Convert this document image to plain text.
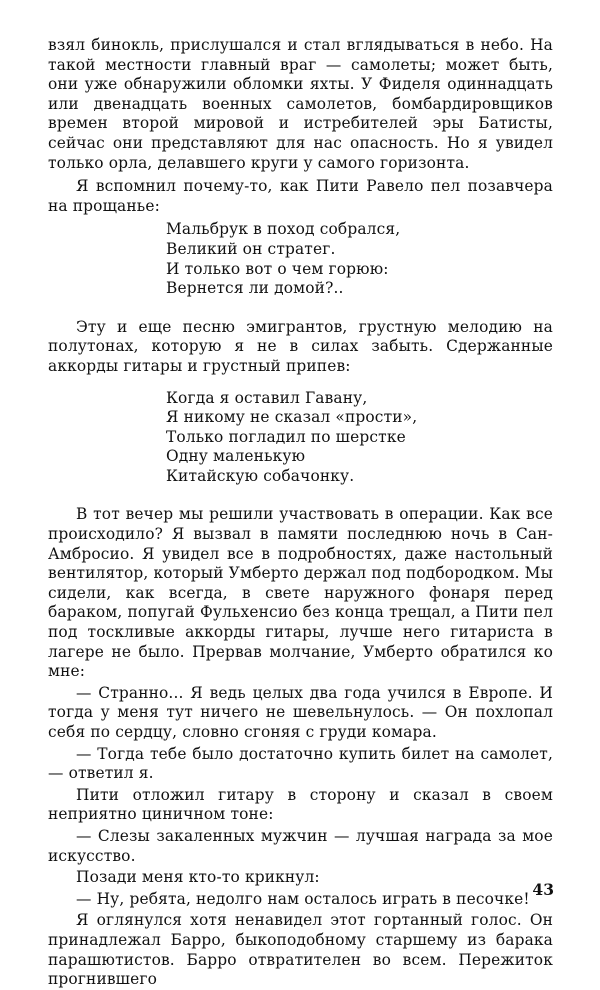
взял бинокль, прислушался и стал вглядываться в небо. На такой местности главный враг — самолеты; может быть, они уже обнаружили обломки яхты. У Фиделя одиннадцать или двенадцать военных самолетов, бомбардировщиков времен второй мировой и истребителей эры Батисты, сейчас они представляют для нас опасность. Но я увидел только орла, делавшего круги у самого горизонта.

Я вспомнил почему-то, как Пити Равело пел позавчера на прощанье:

Мальбрук в поход собрался,
Великий он стратег.
И только вот о чем горюю:
Вернется ли домой?..

Эту и еще песню эмигрантов, грустную мелодию на полутонах, которую я не в силах забыть. Сдержанные аккорды гитары и грустный припев:

Когда я оставил Гавану,
Я никому не сказал «прости»,
Только погладил по шерстке
Одну маленькую
Китайскую собачонку.

В тот вечер мы решили участвовать в операции. Как все происходило? Я вызвал в памяти последнюю ночь в Сан-Амбросио. Я увидел все в подробностях, даже настольный вентилятор, который Умберто держал под подбородком. Мы сидели, как всегда, в свете наружного фонаря перед бараком, попугай Фульхенсио без конца трещал, а Пити пел под тоскливые аккорды гитары, лучше него гитариста в лагере не было. Прервав молчание, Умберто обратился ко мне:

— Странно... Я ведь целых два года учился в Европе. И тогда у меня тут ничего не шевельнулось. — Он похлопал себя по сердцу, словно сгоняя с груди комара.

— Тогда тебе было достаточно купить билет на самолет, — ответил я.

Пити отложил гитару в сторону и сказал в своем неприятно циничном тоне:

— Слезы закаленных мужчин — лучшая награда за мое искусство.

Позади меня кто-то крикнул:

— Ну, ребята, недолго нам осталось играть в песочке!

Я оглянулся хотя ненавидел этот гортанный голос. Он принадлежал Барро, быкоподобному старшему из барака парашютистов. Барро отвратителен во всем. Пережиток прогнившего

43
